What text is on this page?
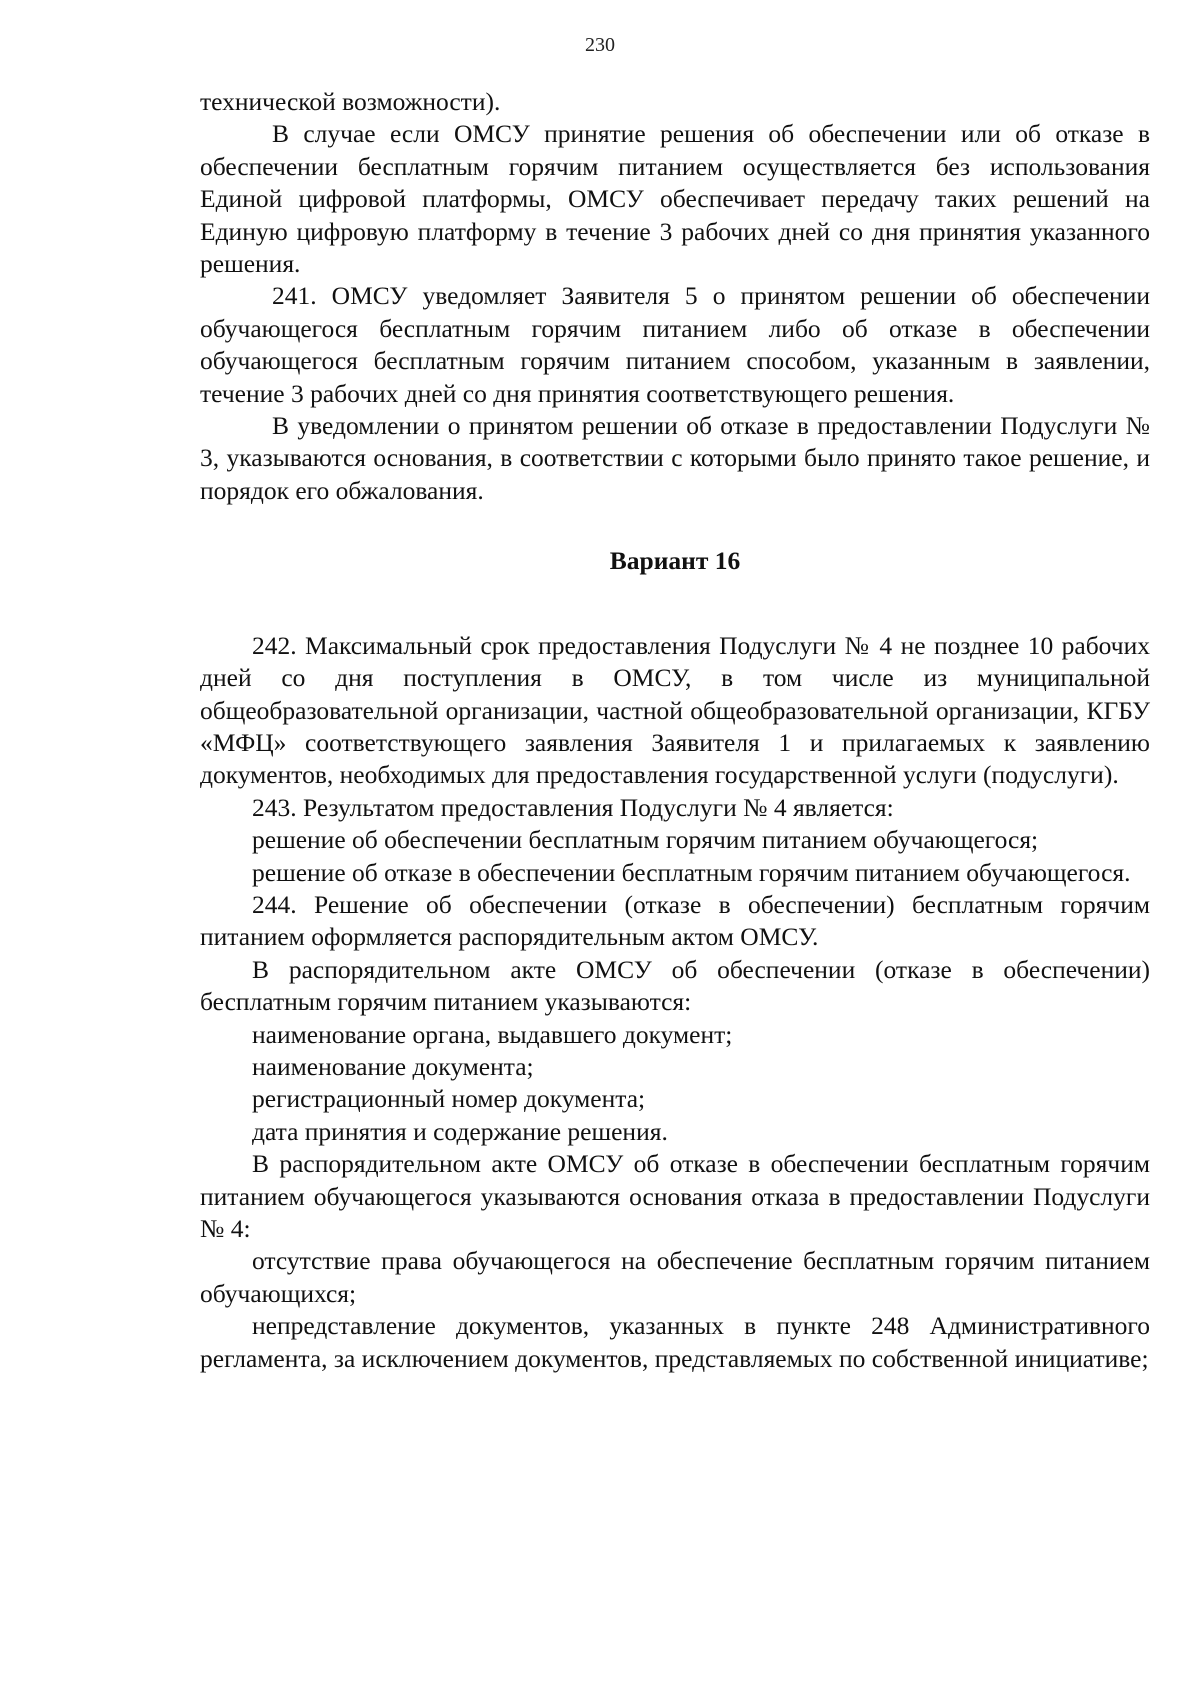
230

технической возможности).

В случае если ОМСУ принятие решения об обеспечении или об отказе в обеспечении бесплатным горячим питанием осуществляется без использования Единой цифровой платформы, ОМСУ обеспечивает передачу таких решений на Единую цифровую платформу в течение 3 рабочих дней со дня принятия указанного решения.

241. ОМСУ уведомляет Заявителя 5 о принятом решении об обеспечении обучающегося бесплатным горячим питанием либо об отказе в обеспечении обучающегося бесплатным горячим питанием способом, указанным в заявлении, течение 3 рабочих дней со дня принятия соответствующего решения.

В уведомлении о принятом решении об отказе в предоставлении Подуслуги № 3, указываются основания, в соответствии с которыми было принято такое решение, и порядок его обжалования.

Вариант 16

242. Максимальный срок предоставления Подуслуги № 4 не позднее 10 рабочих дней со дня поступления в ОМСУ, в том числе из муниципальной общеобразовательной организации, частной общеобразовательной организации, КГБУ «МФЦ» соответствующего заявления Заявителя 1 и прилагаемых к заявлению документов, необходимых для предоставления государственной услуги (подуслуги).

243. Результатом предоставления Подуслуги № 4 является:

решение об обеспечении бесплатным горячим питанием обучающегося;

решение об отказе в обеспечении бесплатным горячим питанием обучающегося.

244. Решение об обеспечении (отказе в обеспечении) бесплатным горячим питанием оформляется распорядительным актом ОМСУ.

В распорядительном акте ОМСУ об обеспечении (отказе в обеспечении) бесплатным горячим питанием указываются:

наименование органа, выдавшего документ;

наименование документа;

регистрационный номер документа;

дата принятия и содержание решения.

В распорядительном акте ОМСУ об отказе в обеспечении бесплатным горячим питанием обучающегося указываются основания отказа в предоставлении Подуслуги № 4:

отсутствие права обучающегося на обеспечение бесплатным горячим питанием обучающихся;

непредставление документов, указанных в пункте 248 Административного регламента, за исключением документов, представляемых по собственной инициативе;
